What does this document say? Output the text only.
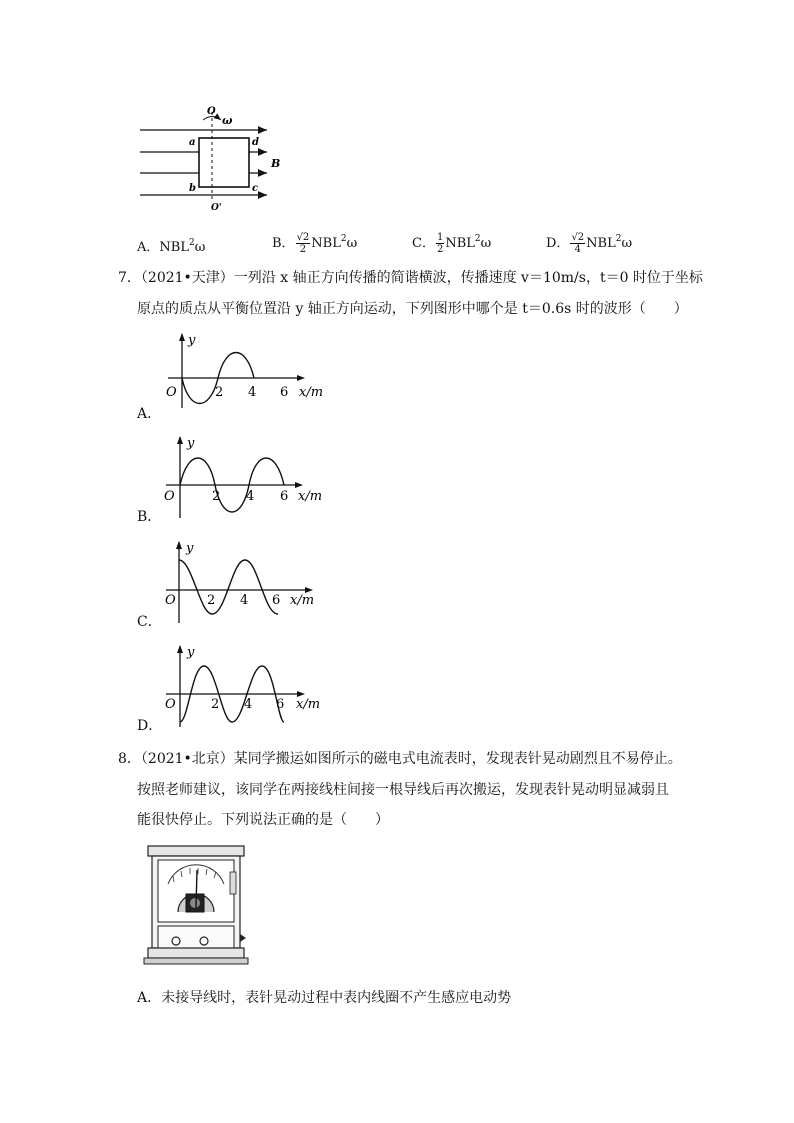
O
ω
a	d
B
b	c
O'
A．NBL$^2$ω	B． $\frac{√2}{2} NBL^2\omega$	C． $\frac{1}{2} NBL^2\omega$	D． $\frac{√2}{4} NBL^2\omega$
7．（2021•天津）一列沿 x 轴正方向传播的简谐横波，传播速度 v＝10m/s，t＝0 时位于坐标
原点的质点从平衡位置沿 y 轴正方向运动，下列图形中哪个是 t＝0.6s 时的波形（　　）
y
O	2 4 6 x/m
A．
y
O	2 4 6 x/m
B．
y
O 2 4 6 x/m
C．
y
O	2 4 6 x/m
D．
8．（2021•北京）某同学搬运如图所示的磁电式电流表时，发现表针晃动剧烈且不易停止。
按照老师建议，该同学在两接线柱间接一根导线后再次搬运，发现表针晃动明显减弱且
能很快停止。下列说法正确的是（　　）
A．未接导线时，表针晃动过程中表内线圈不产生感应电动势
